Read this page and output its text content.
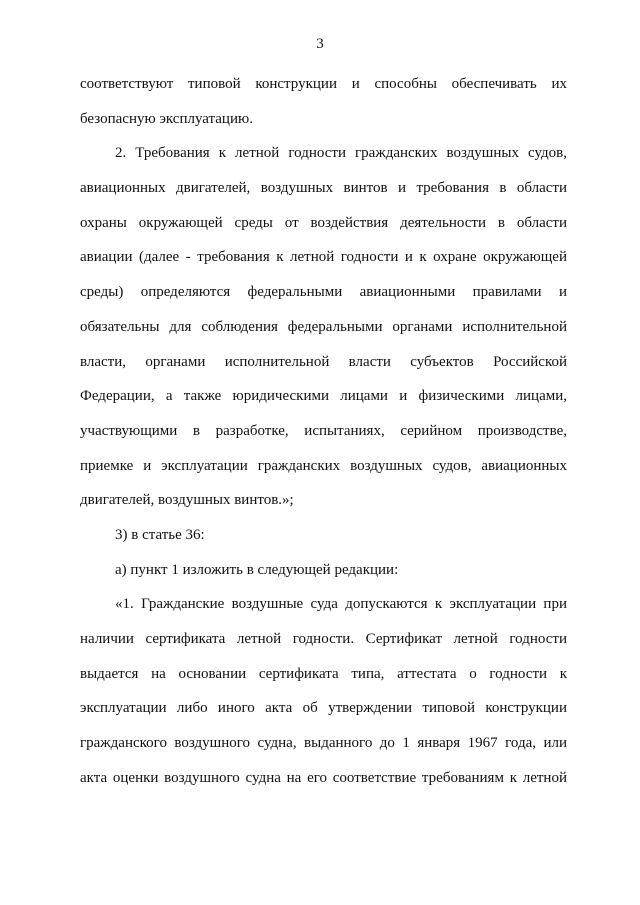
3
соответствуют типовой конструкции и способны обеспечивать их
безопасную эксплуатацию.
2. Требования к летной годности гражданских воздушных судов,
авиационных двигателей, воздушных винтов и требования в области
охраны окружающей среды от воздействия деятельности в области
авиации (далее - требования к летной годности и к охране окружающей
среды) определяются федеральными авиационными правилами и
обязательны для соблюдения федеральными органами исполнительной
власти, органами исполнительной власти субъектов Российской
Федерации, а также юридическими лицами и физическими лицами,
участвующими в разработке, испытаниях, серийном производстве,
приемке и эксплуатации гражданских воздушных судов, авиационных
двигателей, воздушных винтов.»;
3) в статье 36:
а) пункт 1 изложить в следующей редакции:
«1. Гражданские воздушные суда допускаются к эксплуатации при
наличии сертификата летной годности. Сертификат летной годности
выдается на основании сертификата типа, аттестата о годности к
эксплуатации либо иного акта об утверждении типовой конструкции
гражданского воздушного судна, выданного до 1 января 1967 года, или
акта оценки воздушного судна на его соответствие требованиям к летной
